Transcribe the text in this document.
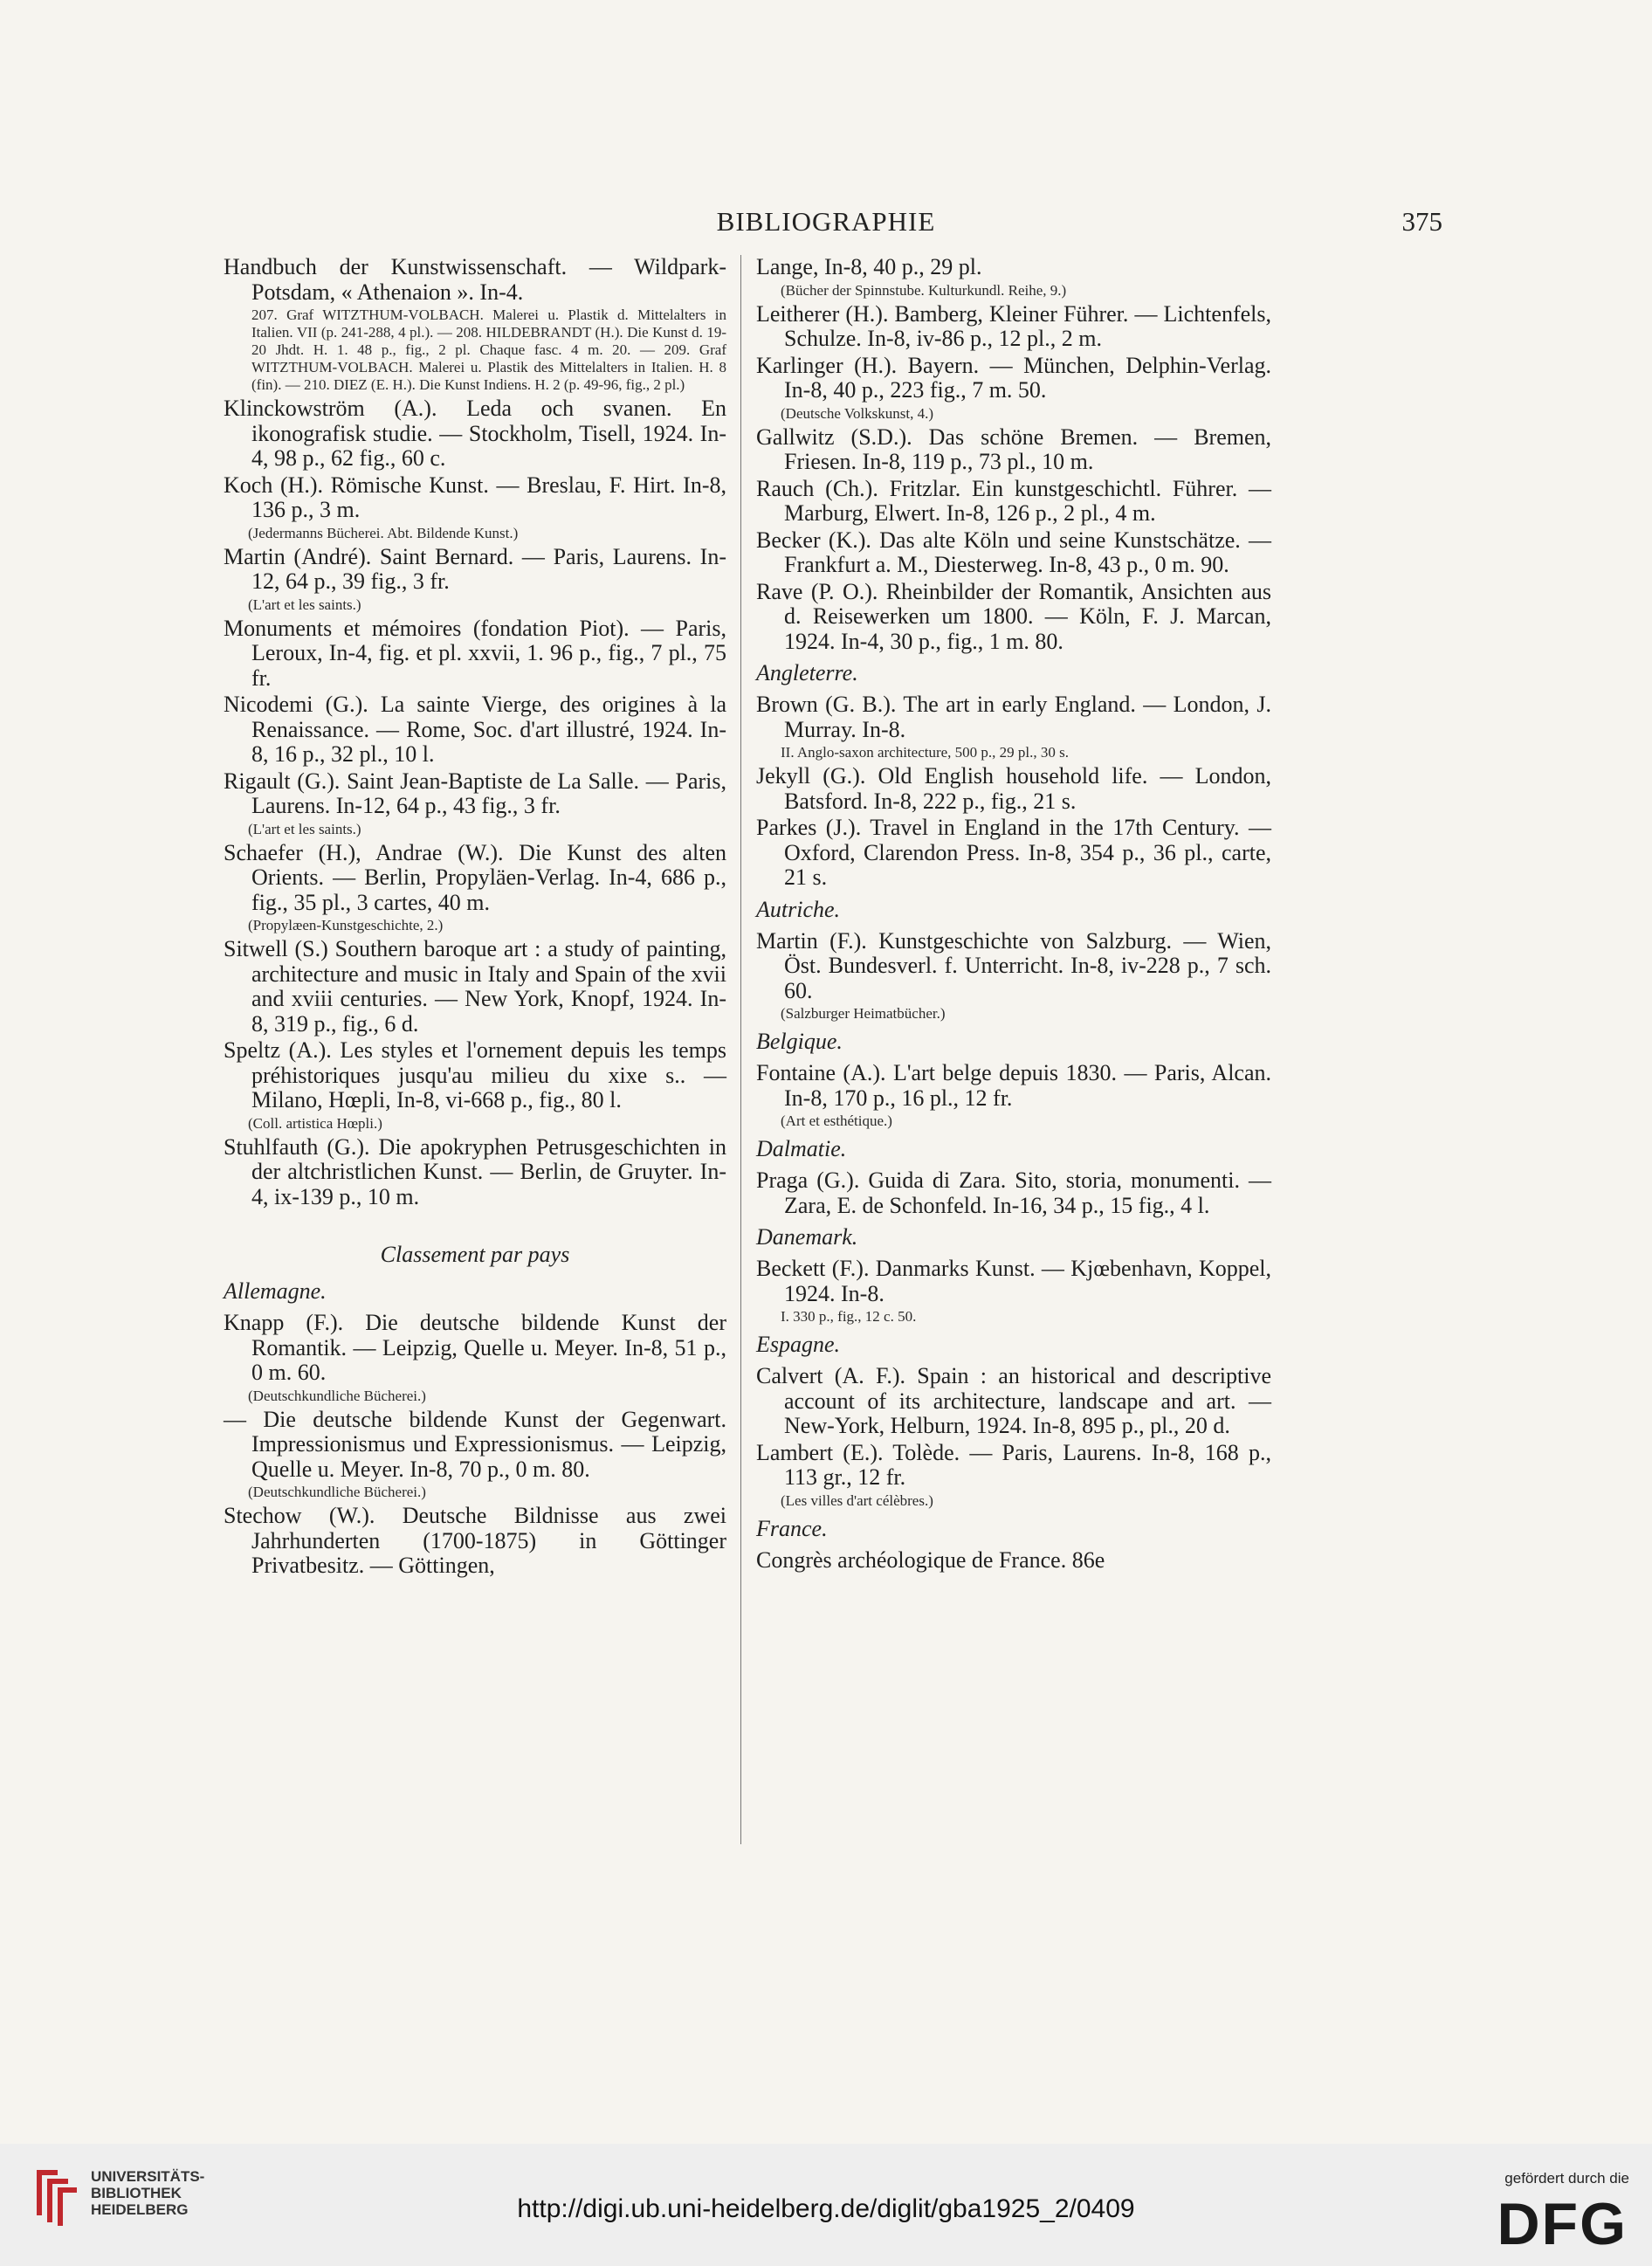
BIBLIOGRAPHIE	375
Handbuch der Kunstwissenschaft. — Wildpark-Potsdam, « Athenaion ». In-4.
207. Graf WITZTHUM-VOLBACH. Malerei u. Plastik d. Mittelalters in Italien. VII (p. 241-288, 4 pl.). — 208. HILDEBRANDT (H.). Die Kunst d. 19-20 Jhdt. H. 1. 48 p., fig., 2 pl. Chaque fasc. 4 m. 20. — 209. Graf WITZTHUM-VOLBACH. Malerei u. Plastik des Mittelalters in Italien. H. 8 (fin). — 210. DIEZ (E. H.). Die Kunst Indiens. H. 2 (p. 49-96, fig., 2 pl.)
Klinckowström (A.). Leda och svanen. En ikonografisk studie. — Stockholm, Tisell, 1924. In-4, 98 p., 62 fig., 60 c.
Koch (H.). Römische Kunst. — Breslau, F. Hirt. In-8, 136 p., 3 m.
(Jedermanns Bücherei. Abt. Bildende Kunst.)
Martin (André). Saint Bernard. — Paris, Laurens. In-12, 64 p., 39 fig., 3 fr.
(L'art et les saints.)
Monuments et mémoires (fondation Piot). — Paris, Leroux, In-4, fig. et pl. xxvii, 1. 96 p., fig., 7 pl., 75 fr.
Nicodemi (G.). La sainte Vierge, des origines à la Renaissance. — Rome, Soc. d'art illustré, 1924. In-8, 16 p., 32 pl., 10 l.
Rigault (G.). Saint Jean-Baptiste de La Salle. — Paris, Laurens. In-12, 64 p., 43 fig., 3 fr.
(L'art et les saints.)
Schaefer (H.), Andrae (W.). Die Kunst des alten Orients. — Berlin, Propyläen-Verlag. In-4, 686 p., fig., 35 pl., 3 cartes, 40 m.
(Propylæen-Kunstgeschichte, 2.)
Sitwell (S.) Southern baroque art : a study of painting, architecture and music in Italy and Spain of the xvii and xviii centuries. — New York, Knopf, 1924. In-8, 319 p., fig., 6 d.
Speltz (A.). Les styles et l'ornement depuis les temps préhistoriques jusqu'au milieu du xixe s.. — Milano, Hœpli, In-8, vi-668 p., fig., 80 l.
(Coll. artistica Hœpli.)
Stuhlfauth (G.). Die apokryphen Petrusgeschichten in der altchristlichen Kunst. — Berlin, de Gruyter. In-4, ix-139 p., 10 m.
Classement par pays
Allemagne.
Knapp (F.). Die deutsche bildende Kunst der Romantik. — Leipzig, Quelle u. Meyer. In-8, 51 p., 0 m. 60.
(Deutschkundliche Bücherei.)
— Die deutsche bildende Kunst der Gegenwart. Impressionismus und Expressionismus. — Leipzig, Quelle u. Meyer. In-8, 70 p., 0 m. 80.
(Deutschkundliche Bücherei.)
Stechow (W.). Deutsche Bildnisse aus zwei Jahrhunderten (1700-1875) in Göttinger Privatbesitz. — Göttingen,
Lange, In-8, 40 p., 29 pl.
(Bücher der Spinnstube. Kulturkundl. Reihe, 9.)
Leitherer (H.). Bamberg, Kleiner Führer. — Lichtenfels, Schulze. In-8, iv-86 p., 12 pl., 2 m.
Karlinger (H.). Bayern. — München, Delphin-Verlag. In-8, 40 p., 223 fig., 7 m. 50.
(Deutsche Volkskunst, 4.)
Gallwitz (S.D.). Das schöne Bremen. — Bremen, Friesen. In-8, 119 p., 73 pl., 10 m.
Rauch (Ch.). Fritzlar. Ein kunstgeschichtl. Führer. — Marburg, Elwert. In-8, 126 p., 2 pl., 4 m.
Becker (K.). Das alte Köln und seine Kunstschätze. — Frankfurt a. M., Diesterweg. In-8, 43 p., 0 m. 90.
Rave (P. O.). Rheinbilder der Romantik, Ansichten aus d. Reisewerken um 1800. — Köln, F. J. Marcan, 1924. In-4, 30 p., fig., 1 m. 80.
Angleterre.
Brown (G. B.). The art in early England. — London, J. Murray. In-8.
II. Anglo-saxon architecture, 500 p., 29 pl., 30 s.
Jekyll (G.). Old English household life. — London, Batsford. In-8, 222 p., fig., 21 s.
Parkes (J.). Travel in England in the 17th Century. — Oxford, Clarendon Press. In-8, 354 p., 36 pl., carte, 21 s.
Autriche.
Martin (F.). Kunstgeschichte von Salzburg. — Wien, Öst. Bundesverl. f. Unterricht. In-8, iv-228 p., 7 sch. 60.
(Salzburger Heimatbücher.)
Belgique.
Fontaine (A.). L'art belge depuis 1830. — Paris, Alcan. In-8, 170 p., 16 pl., 12 fr.
(Art et esthétique.)
Dalmatie.
Praga (G.). Guida di Zara. Sito, storia, monumenti. — Zara, E. de Schonfeld. In-16, 34 p., 15 fig., 4 l.
Danemark.
Beckett (F.). Danmarks Kunst. — Kjœbenhavn, Koppel, 1924. In-8.
I. 330 p., fig., 12 c. 50.
Espagne.
Calvert (A. F.). Spain : an historical and descriptive account of its architecture, landscape and art. — New-York, Helburn, 1924. In-8, 895 p., pl., 20 d.
Lambert (E.). Tolède. — Paris, Laurens. In-8, 168 p., 113 gr., 12 fr.
(Les villes d'art célèbres.)
France.
Congrès archéologique de France. 86e
UNIVERSITÄTS-
BIBLIOTHEK
HEIDELBERG	http://digi.ub.uni-heidelberg.de/diglit/gba1925_2/0409
gefördert durch die
DFG
